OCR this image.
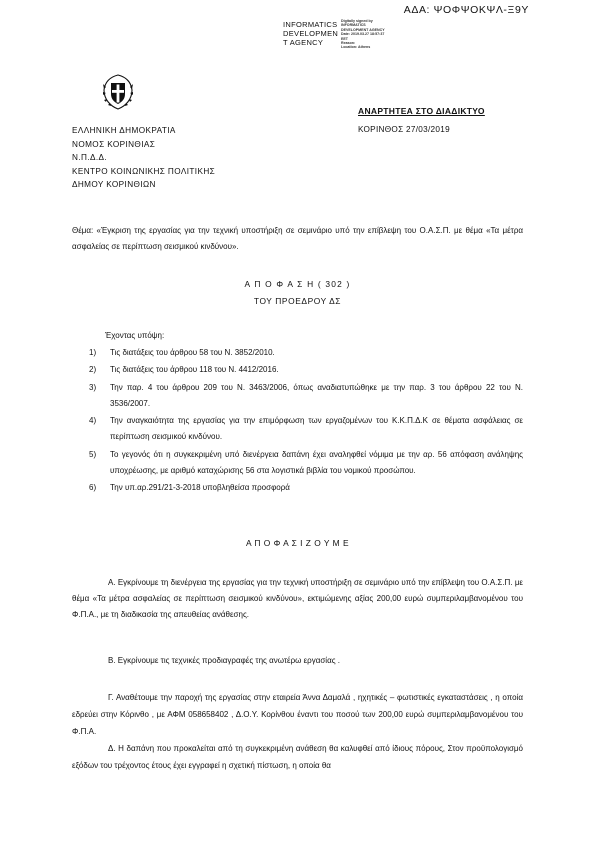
ΑΔΑ: ΨΟΦΨΟΚΨΛ-Ξ9Υ
INFORMATICS
DEVELOPMEN
T AGENCY
Digitally signed by
INFORMATICS
DEVELOPMENT AGENCY
Date: 2019.03.27 18:57:37
EET
Reason:
Location: Athens
ΑΝΑΡΤΗΤΕΑ ΣΤΟ ΔΙΑΔΙΚΤΥΟ
ΚΟΡΙΝΘΟΣ 27/03/2019
ΕΛΛΗΝΙΚΗ ΔΗΜΟΚΡΑΤΙΑ
ΝΟΜΟΣ ΚΟΡΙΝΘΙΑΣ
Ν.Π.Δ.Δ.
ΚΕΝΤΡΟ ΚΟΙΝΩΝΙΚΗΣ ΠΟΛΙΤΙΚΗΣ
ΔΗΜΟΥ ΚΟΡΙΝΘΙΩΝ
Θέμα: «Έγκριση της εργασίας για την τεχνική υποστήριξη σε σεμινάριο υπό την επίβλεψη του Ο.Α.Σ.Π. με θέμα «Τα μέτρα ασφαλείας σε περίπτωση σεισμικού κινδύνου».
Α Π Ο Φ Α Σ Η ( 302 )
ΤΟΥ ΠΡΟΕΔΡΟΥ ΔΣ
Έχοντας υπόψη:
1) Τις διατάξεις του άρθρου 58 του Ν. 3852/2010.
2) Τις διατάξεις του άρθρου 118 του Ν. 4412/2016.
3) Την παρ. 4 του άρθρου 209 του Ν. 3463/2006, όπως αναδιατυπώθηκε με την παρ. 3 του άρθρου 22 του Ν. 3536/2007.
4) Την αναγκαιότητα της εργασίας για την επιμόρφωση των εργαζομένων του Κ.Κ.Π.Δ.Κ σε θέματα ασφάλειας σε περίπτωση σεισμικού κινδύνου.
5) Το γεγονός ότι η συγκεκριμένη υπό διενέργεια δαπάνη έχει αναληφθεί νόμιμα με την αρ. 56 απόφαση ανάληψης υποχρέωσης, με αριθμό καταχώρισης 56 στα λογιστικά βιβλία του νομικού προσώπου.
6) Την υπ.αρ.291/21-3-2018 υποβληθείσα προσφορά
Α Π Ο Φ Α Σ Ι Ζ Ο Υ Μ Ε
Α. Εγκρίνουμε τη διενέργεια της εργασίας για την τεχνική υποστήριξη σε σεμινάριο υπό την επίβλεψη του Ο.Α.Σ.Π. με θέμα «Τα μέτρα ασφαλείας σε περίπτωση σεισμικού κινδύνου», εκτιμώμενης αξίας 200,00 ευρώ συμπεριλαμβανομένου του Φ.Π.Α., με τη διαδικασία της απευθείας ανάθεσης.
Β. Εγκρίνουμε τις τεχνικές προδιαγραφές της ανωτέρω εργασίας .
Γ. Αναθέτουμε την παροχή της εργασίας στην εταιρεία Άννα Δαμαλά , ηχητικές – φωτιστικές εγκαταστάσεις , η οποία εδρεύει στην Κόρινθο , με ΑΦΜ 058658402 , Δ.Ο.Υ. Κορίνθου έναντι του ποσού των 200,00 ευρώ συμπεριλαμβανομένου του Φ.Π.Α.
Δ. Η δαπάνη που προκαλείται από τη συγκεκριμένη ανάθεση θα καλυφθεί από ίδιους πόρους, Στον προϋπολογισμό εξόδων του τρέχοντος έτους έχει εγγραφεί η σχετική πίστωση, η οποία θα
